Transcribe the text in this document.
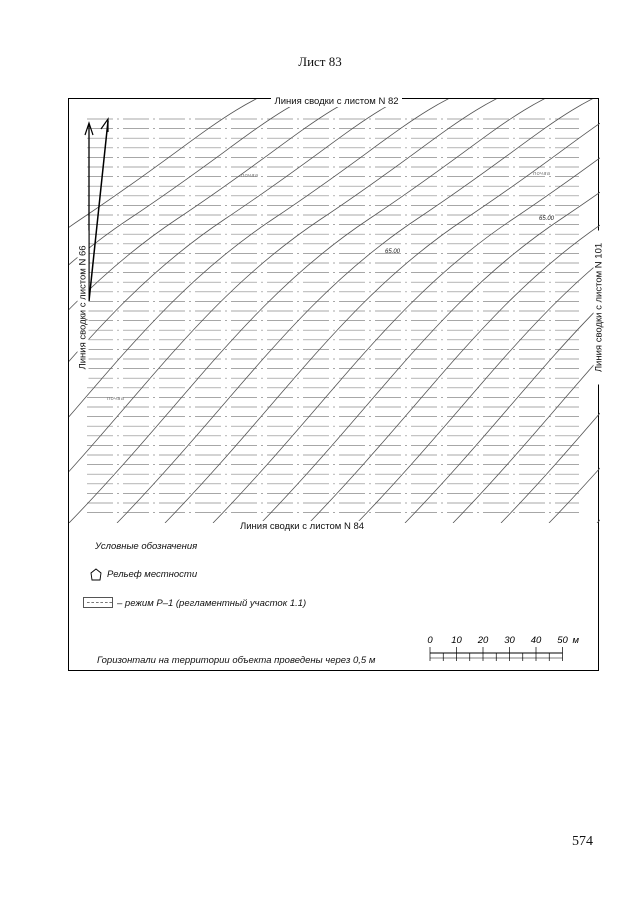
Лист 83
65.00
65.00
почва	почва
почва
Линия сводки с листом N 82
Линия сводки с листом N 84
Линия сводки с листом N 66	Линия сводки с листом N 101
Условные обозначения
Рельеф местности
– режим Р–1 (регламентный участок 1.1)
0 10 20 30 40 50 м
Горизонтали на территории объекта проведены через 0,5 м
574
